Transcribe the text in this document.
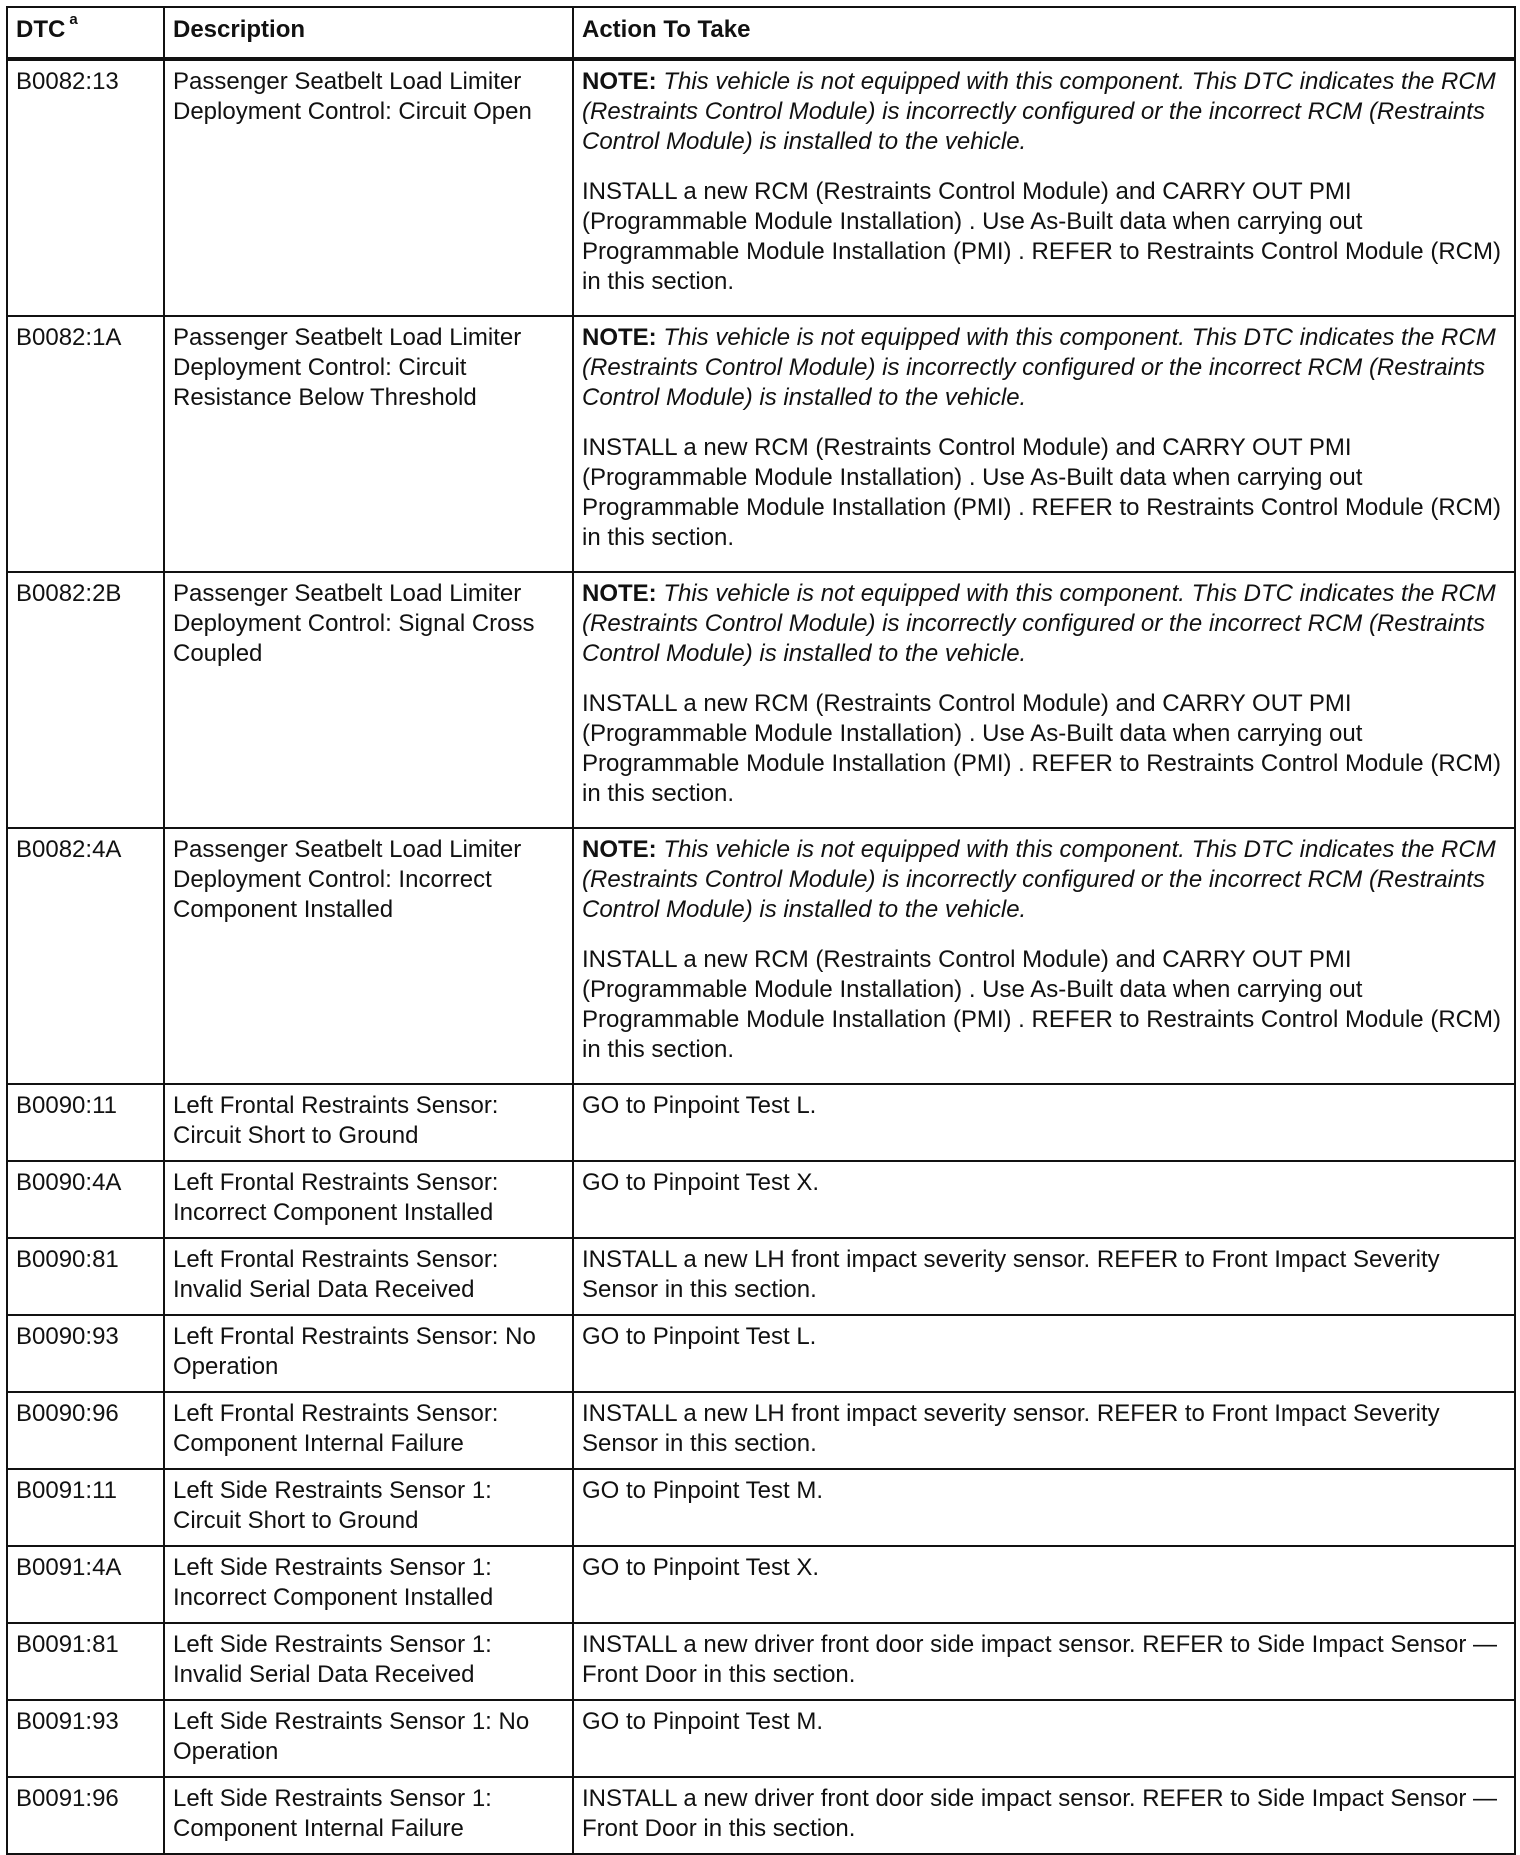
DTC $^a$	Description	Action To Take
B0082:13	Passenger Seatbelt Load Limiter Deployment Control: Circuit Open	NOTE: This vehicle is not equipped with this component. This DTC indicates the RCM (Restraints Control Module) is incorrectly configured or the incorrect RCM (Restraints Control Module) is installed to the vehicle.

INSTALL a new RCM (Restraints Control Module) and CARRY OUT PMI (Programmable Module Installation) . Use As-Built data when carrying out Programmable Module Installation (PMI) . REFER to Restraints Control Module (RCM) in this section.

B0082:1A	Passenger Seatbelt Load Limiter Deployment Control: Circuit Resistance Below Threshold	NOTE: This vehicle is not equipped with this component. This DTC indicates the RCM (Restraints Control Module) is incorrectly configured or the incorrect RCM (Restraints Control Module) is installed to the vehicle.

INSTALL a new RCM (Restraints Control Module) and CARRY OUT PMI (Programmable Module Installation) . Use As-Built data when carrying out Programmable Module Installation (PMI) . REFER to Restraints Control Module (RCM) in this section.

B0082:2B	Passenger Seatbelt Load Limiter Deployment Control: Signal Cross Coupled	NOTE: This vehicle is not equipped with this component. This DTC indicates the RCM (Restraints Control Module) is incorrectly configured or the incorrect RCM (Restraints Control Module) is installed to the vehicle.

INSTALL a new RCM (Restraints Control Module) and CARRY OUT PMI (Programmable Module Installation) . Use As-Built data when carrying out Programmable Module Installation (PMI) . REFER to Restraints Control Module (RCM) in this section.

B0082:4A	Passenger Seatbelt Load Limiter Deployment Control: Incorrect Component Installed	NOTE: This vehicle is not equipped with this component. This DTC indicates the RCM (Restraints Control Module) is incorrectly configured or the incorrect RCM (Restraints Control Module) is installed to the vehicle.

INSTALL a new RCM (Restraints Control Module) and CARRY OUT PMI (Programmable Module Installation) . Use As-Built data when carrying out Programmable Module Installation (PMI) . REFER to Restraints Control Module (RCM) in this section.

B0090:11	Left Frontal Restraints Sensor: Circuit Short to Ground	GO to Pinpoint Test L.
B0090:4A	Left Frontal Restraints Sensor: Incorrect Component Installed	GO to Pinpoint Test X.
B0090:81	Left Frontal Restraints Sensor: Invalid Serial Data Received	INSTALL a new LH front impact severity sensor. REFER to Front Impact Severity Sensor in this section.
B0090:93	Left Frontal Restraints Sensor: No Operation	GO to Pinpoint Test L.
B0090:96	Left Frontal Restraints Sensor: Component Internal Failure	INSTALL a new LH front impact severity sensor. REFER to Front Impact Severity Sensor in this section.
B0091:11	Left Side Restraints Sensor 1: Circuit Short to Ground	GO to Pinpoint Test M.
B0091:4A	Left Side Restraints Sensor 1: Incorrect Component Installed	GO to Pinpoint Test X.
B0091:81	Left Side Restraints Sensor 1: Invalid Serial Data Received	INSTALL a new driver front door side impact sensor. REFER to Side Impact Sensor — Front Door in this section.
B0091:93	Left Side Restraints Sensor 1: No Operation	GO to Pinpoint Test M.
B0091:96	Left Side Restraints Sensor 1: Component Internal Failure	INSTALL a new driver front door side impact sensor. REFER to Side Impact Sensor — Front Door in this section.
